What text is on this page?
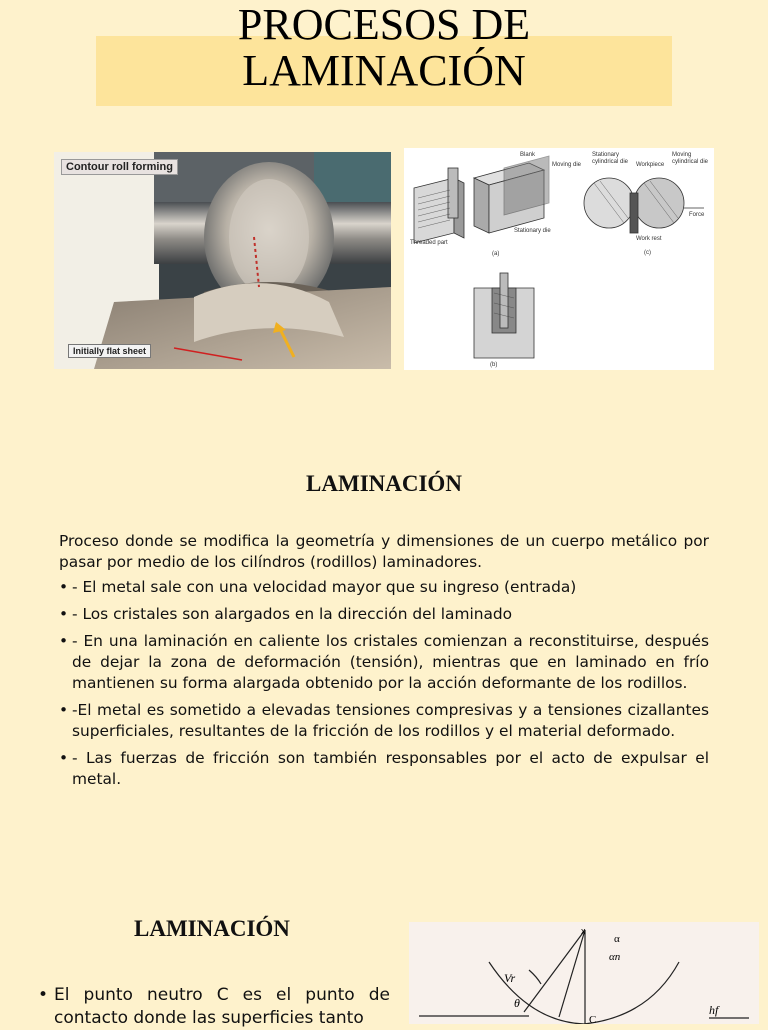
PROCESOS DE
LAMINACIÓN
Contour roll forming
Initially flat sheet
Blank
Moving die
Threaded part
Stationary die
(a)
Stationary cylindrical die	Workpiece
Moving cylindrical die
Force
Work rest
(c)
(b)
LAMINACIÓN

Proceso donde se modifica la geometría y dimensiones de un cuerpo metálico por pasar por medio de los cilíndros (rodillos) laminadores.

• - El metal sale con una velocidad mayor que su ingreso (entrada)
• - Los cristales son alargados en la dirección del laminado
• - En una laminación en caliente los cristales comienzan a reconstituirse, después de dejar la zona de deformación (tensión), mientras que en laminado en frío mantienen su forma alargada obtenido por la acción deformante de los rodillos.
• -El metal es sometido a elevadas tensiones compresivas y a tensiones cizallantes superficiales, resultantes de la fricción de los rodillos y el material deformado.
• - Las fuerzas de fricción son también responsables por el acto de expulsar el metal.
LAMINACIÓN
• El punto neutro C es el punto de contacto donde las superficies tanto
x
α
αn
Vr
θ
C
hf
